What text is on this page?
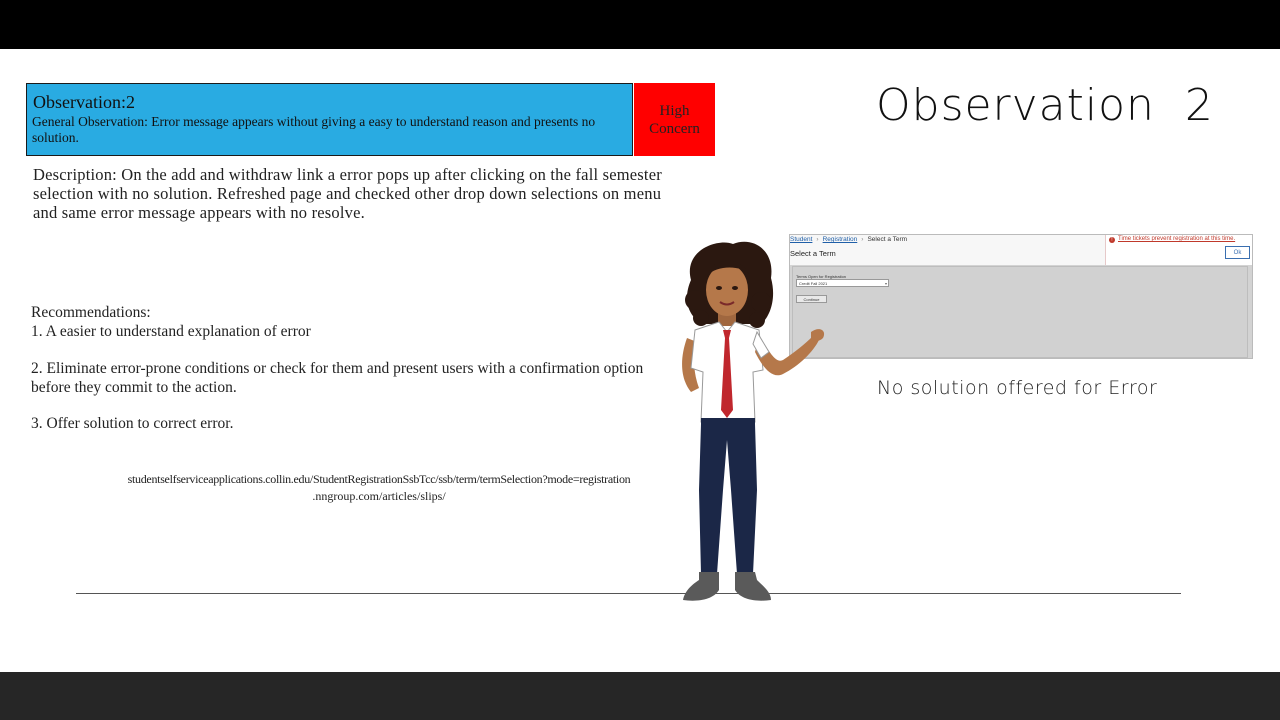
Observation:2
General Observation: Error message appears without giving a easy to understand reason and presents no solution.
High Concern
Description: On the add and withdraw link a error pops up after clicking on the fall semester selection with no solution. Refreshed page and checked other drop down selections on menu and same error message appears with no resolve.
Recommendations:
1. A easier to understand explanation of error
2. Eliminate error-prone conditions or check for them and present users with a confirmation option before they commit to the action.
3. Offer solution to correct error.
studentselfserviceapplications.collin.edu/StudentRegistrationSsbTcc/ssb/term/termSelection?mode=registration
.nngroup.com/articles/slips/
Observation  2
Student › Registration › Select a Term
Select a Term
! Time tickets prevent registration at this time.
Ok
Terms Open for Registration
Credit Fall 2021	▾
Continue
No solution offered for Error
